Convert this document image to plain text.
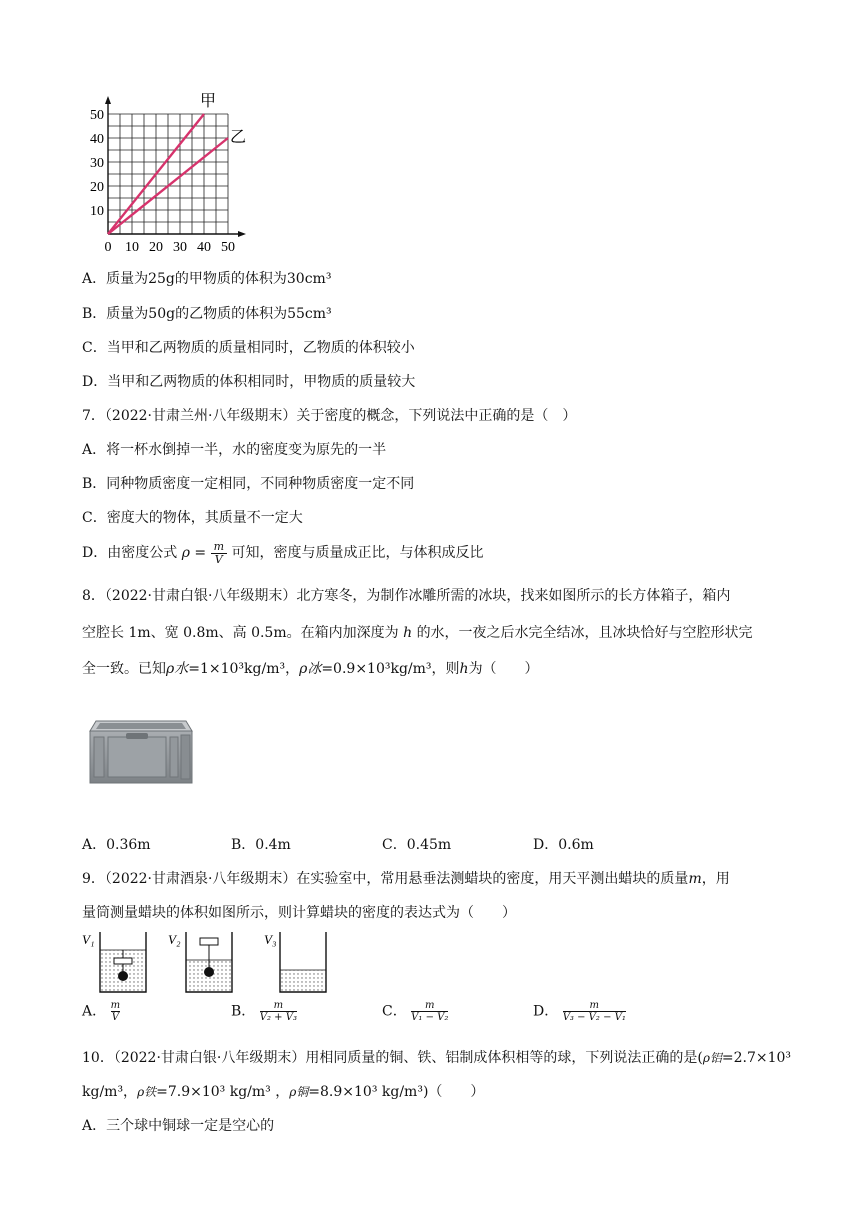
0 10 20 30 40 50
10
20
30
40
50
甲
乙
A．质量为25g的甲物质的体积为30cm³
B．质量为50g的乙物质的体积为55cm³
C．当甲和乙两物质的质量相同时，乙物质的体积较小
D．当甲和乙两物质的体积相同时，甲物质的质量较大
7．（2022·甘肃兰州·八年级期末）关于密度的概念，下列说法中正确的是（　）
A．将一杯水倒掉一半，水的密度变为原先的一半
B．同种物质密度一定相同，不同种物质密度一定不同
C．密度大的物体，其质量不一定大
D．由密度公式 $\rho = \frac{m}{V}$ 可知，密度与质量成正比，与体积成反比
8．（2022·甘肃白银·八年级期末）北方寒冬，为制作冰雕所需的冰块，找来如图所示的长方体箱子，箱内
空腔长 1m、宽 0.8m、高 0.5m。在箱内加深度为 h 的水，一夜之后水完全结冰，且冰块恰好与空腔形状完
全一致。已知ρ水=1×10³kg/m³，ρ冰=0.9×10³kg/m³，则h为（　　）
A．0.36m	B．0.4m	C．0.45m	D．0.6m
9．（2022·甘肃酒泉·八年级期末）在实验室中，常用悬垂法测蜡块的密度，用天平测出蜡块的质量m，用
量筒测量蜡块的体积如图所示，则计算蜡块的密度的表达式为（　　）
V₁	V₂	V₃
A． $\frac{m}{V}$	B． $\frac{m}{\text{V₂ + V₃}}$	C． $\frac{m}{\text{V₁ − V₂}}$	D． $\frac{m}{\text{V₃ − V₂ − V₁}}$
10．（2022·甘肃白银·八年级期末）用相同质量的铜、铁、铝制成体积相等的球，下列说法正确的是(ρ铝=2.7×10³
kg/m³，ρ铁=7.9×10³ kg/m³ ，ρ铜=8.9×10³ kg/m³)（　　）
A．三个球中铜球一定是空心的
